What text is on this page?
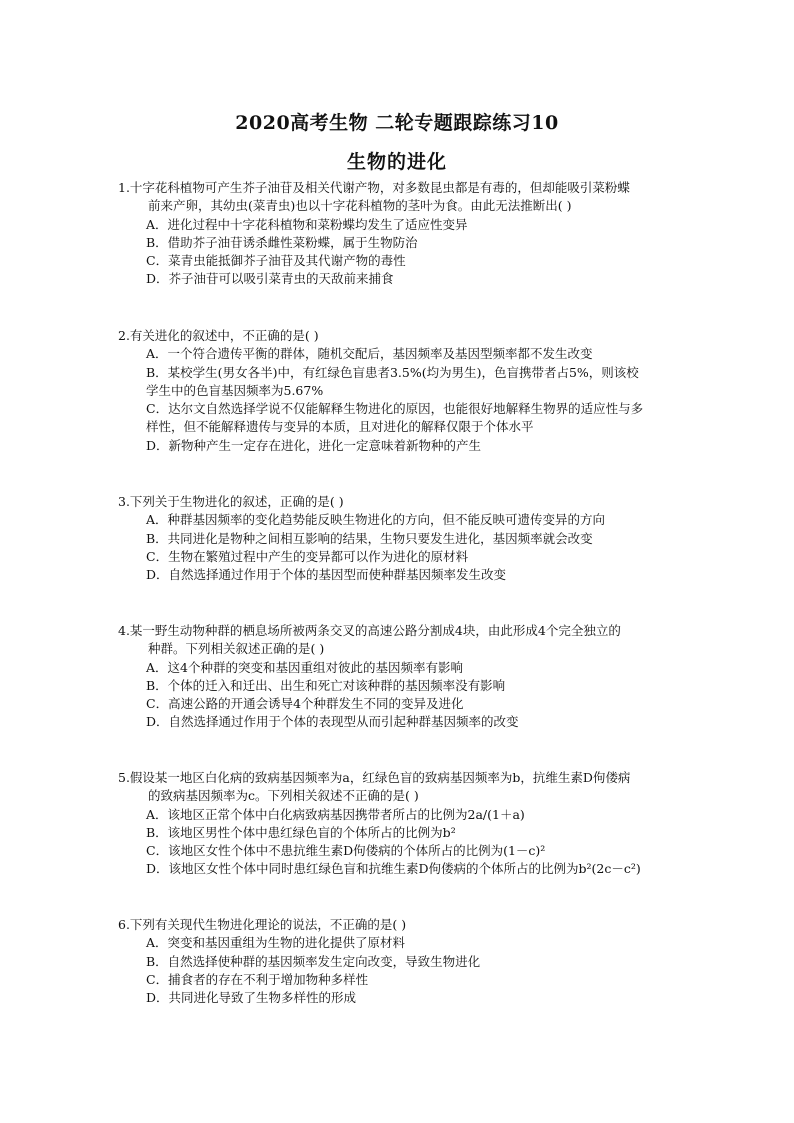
2020高考生物 二轮专题跟踪练习10
生物的进化

1.十字花科植物可产生芥子油苷及相关代谢产物，对多数昆虫都是有毒的，但却能吸引菜粉蝶

前来产卵，其幼虫(菜青虫)也以十字花科植物的茎叶为食。由此无法推断出( )

A．进化过程中十字花科植物和菜粉蝶均发生了适应性变异

B．借助芥子油苷诱杀雌性菜粉蝶，属于生物防治

C．菜青虫能抵御芥子油苷及其代谢产物的毒性

D．芥子油苷可以吸引菜青虫的天敌前来捕食

2.有关进化的叙述中，不正确的是( )

A．一个符合遗传平衡的群体，随机交配后，基因频率及基因型频率都不发生改变

B．某校学生(男女各半)中，有红绿色盲患者3.5%(均为男生)，色盲携带者占5%，则该校

学生中的色盲基因频率为5.67%

C．达尔文自然选择学说不仅能解释生物进化的原因，也能很好地解释生物界的适应性与多

样性，但不能解释遗传与变异的本质，且对进化的解释仅限于个体水平

D．新物种产生一定存在进化，进化一定意味着新物种的产生

3.下列关于生物进化的叙述，正确的是( )

A．种群基因频率的变化趋势能反映生物进化的方向，但不能反映可遗传变异的方向

B．共同进化是物种之间相互影响的结果，生物只要发生进化，基因频率就会改变

C．生物在繁殖过程中产生的变异都可以作为进化的原材料

D．自然选择通过作用于个体的基因型而使种群基因频率发生改变

4.某一野生动物种群的栖息场所被两条交叉的高速公路分割成4块，由此形成4个完全独立的

种群。下列相关叙述正确的是( )

A．这4个种群的突变和基因重组对彼此的基因频率有影响

B．个体的迁入和迁出、出生和死亡对该种群的基因频率没有影响

C．高速公路的开通会诱导4个种群发生不同的变异及进化

D．自然选择通过作用于个体的表现型从而引起种群基因频率的改变

5.假设某一地区白化病的致病基因频率为a，红绿色盲的致病基因频率为b，抗维生素D佝偻病

的致病基因频率为c。下列相关叙述不正确的是( )

A．该地区正常个体中白化病致病基因携带者所占的比例为2a/(1＋a)

B．该地区男性个体中患红绿色盲的个体所占的比例为b²

C．该地区女性个体中不患抗维生素D佝偻病的个体所占的比例为(1－c)²

D．该地区女性个体中同时患红绿色盲和抗维生素D佝偻病的个体所占的比例为b²(2c－c²)

6.下列有关现代生物进化理论的说法，不正确的是( )

A．突变和基因重组为生物的进化提供了原材料

B．自然选择使种群的基因频率发生定向改变，导致生物进化

C．捕食者的存在不利于增加物种多样性

D．共同进化导致了生物多样性的形成
